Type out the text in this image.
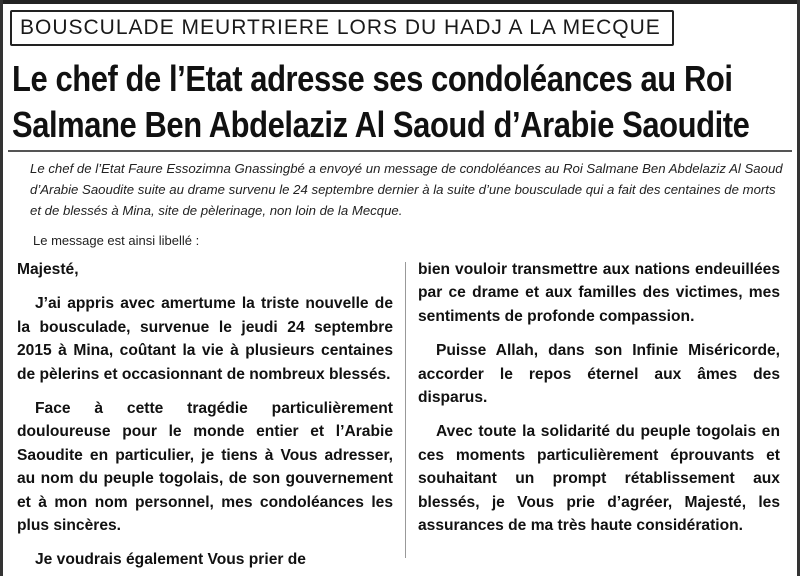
BOUSCULADE MEURTRIERE LORS DU HADJ A LA MECQUE
Le chef de l’Etat adresse ses condoléances au Roi
Salmane Ben Abdelaziz Al Saoud d’Arabie Saoudite
Le chef de l’Etat Faure Essozimna Gnassingbé a envoyé un message de condoléances au Roi Salmane Ben Abdelaziz Al Saoud d’Arabie Saoudite suite au drame survenu le 24 septembre dernier à la suite d’une bousculade qui a fait des centaines de morts et de blessés à Mina, site de pèlerinage, non loin de la Mecque.
Le message est ainsi libellé :

Majesté,

J’ai appris avec amertume la triste nouvelle de la bousculade, survenue le jeudi 24 septembre 2015 à Mina, coûtant la vie à plusieurs centaines de pèlerins et occasionnant de nombreux blessés.

Face à cette tragédie particulièrement douloureuse pour le monde entier et l’Arabie Saoudite en particulier, je tiens à Vous adresser, au nom du peuple togolais, de son gouvernement et à mon nom personnel, mes condoléances les plus sincères.

Je voudrais également Vous prier de

bien vouloir transmettre aux nations endeuillées par ce drame et aux familles des victimes, mes sentiments de profonde compassion.

Puisse Allah, dans son Infinie Miséricorde, accorder le repos éternel aux âmes des disparus.

Avec toute la solidarité du peuple togolais en ces moments particulièrement éprouvants et souhaitant un prompt rétablissement aux blessés, je Vous prie d’agréer, Majesté, les assurances de ma très haute considération.
